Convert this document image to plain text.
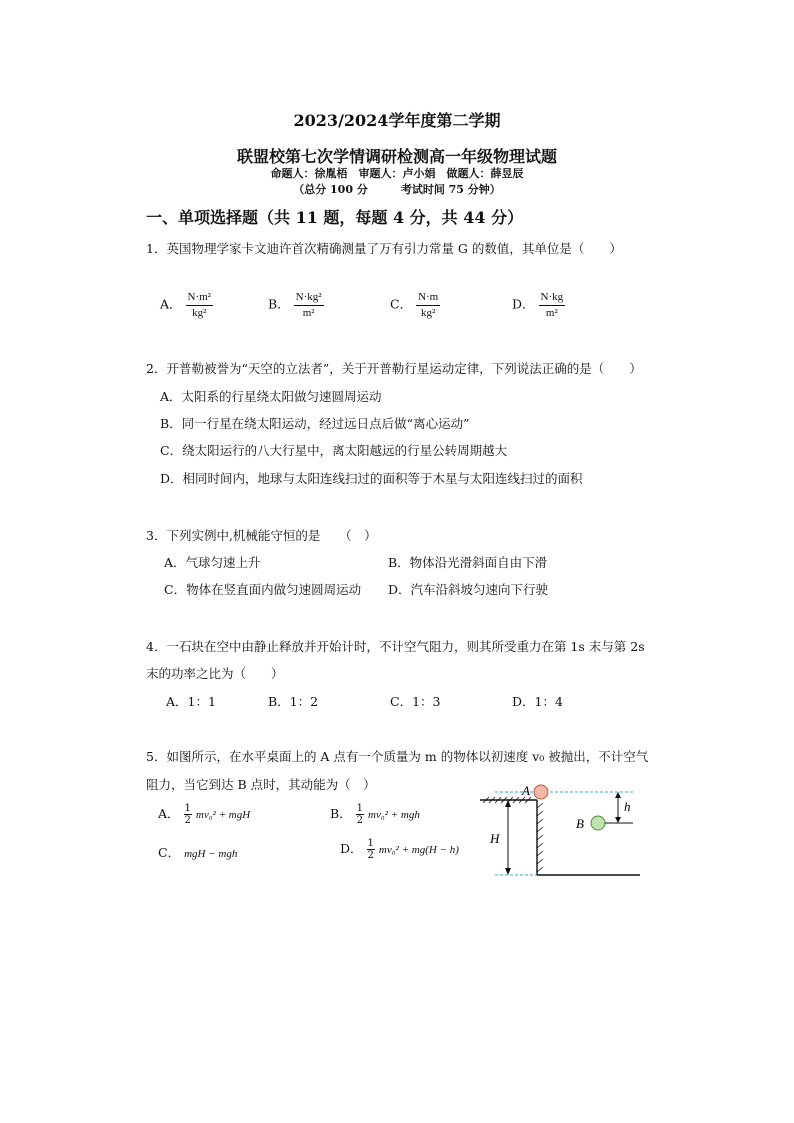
2023/2024学年度第二学期
联盟校第七次学情调研检测高一年级物理试题
命题人：徐胤梧　审题人：卢小娟　做题人：薛昱辰
（总分 100 分　　　考试时间 75 分钟）
一、单项选择题（共 11 题，每题 4 分，共 44 分）
1．英国物理学家卡文迪许首次精确测量了万有引力常量 G 的数值，其单位是（　　）
A． $\frac{\text{N·m²}}{\text{kg²}}$	B． $\frac{\text{N·kg²}}{\text{m²}}$	C． $\frac{N\cdot m}{\text{kg²}}$	D． $\frac{N\cdot kg}{\text{m²}}$
2．开普勒被誉为“天空的立法者”，关于开普勒行星运动定律，下列说法正确的是（　　）
A．太阳系的行星绕太阳做匀速圆周运动
B．同一行星在绕太阳运动，经过远日点后做“离心运动”
C．绕太阳运行的八大行星中，离太阳越远的行星公转周期越大
D．相同时间内，地球与太阳连线扫过的面积等于木星与太阳连线扫过的面积
3．下列实例中,机械能守恒的是　　（　）
A．气球匀速上升	B．物体沿光滑斜面自由下滑
C．物体在竖直面内做匀速圆周运动 D．汽车沿斜坡匀速向下行驶
4．一石块在空中由静止释放并开始计时，不计空气阻力，则其所受重力在第 1s 末与第 2s
末的功率之比为（　　）
A．1：1	B．1：2	C．1：3	D．1：4
5．如图所示，在水平桌面上的 A 点有一个质量为 m 的物体以初速度 v₀ 被抛出，不计空气
阻力，当它到达 B 点时，其动能为（　）
A． $\frac{1}{2} mv_0^2$ + mgH	B． $\frac{1}{2} mv_0^2$ + mgh
C． mgH − mgh	D． $\frac{1}{2} mv_0^2 + mg(H - h)$
A
B
H
h
